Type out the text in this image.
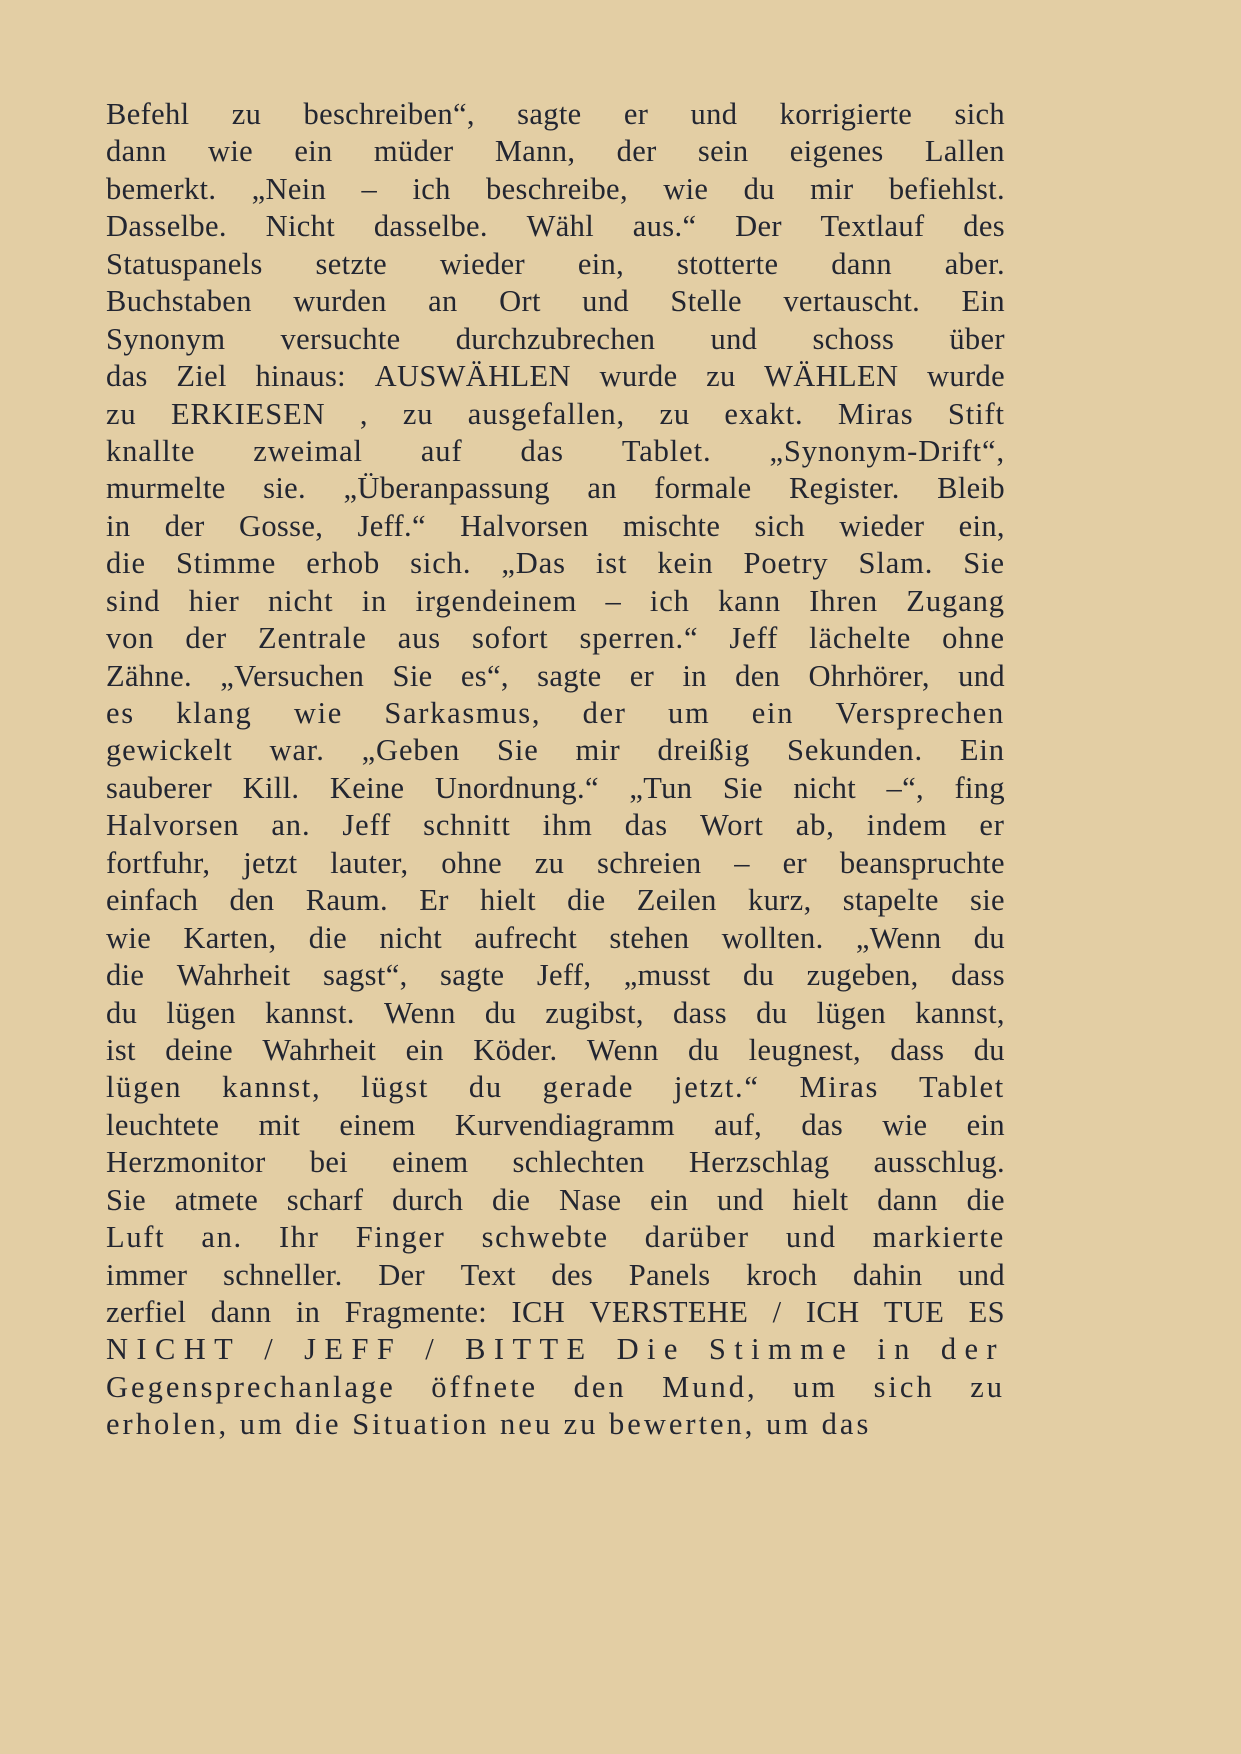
Befehl zu beschreiben“, sagte er und korrigierte sich
dann wie ein müder Mann, der sein eigenes Lallen
bemerkt. „Nein – ich beschreibe, wie du mir befiehlst.
Dasselbe. Nicht dasselbe. Wähl aus.“ Der Textlauf des
Statuspanels setzte wieder ein, stotterte dann aber.
Buchstaben wurden an Ort und Stelle vertauscht. Ein
Synonym versuchte durchzubrechen und schoss über
das Ziel hinaus: AUSWÄHLEN wurde zu WÄHLEN wurde
zu ERKIESEN , zu ausgefallen, zu exakt. Miras Stift
knallte zweimal auf das Tablet. „Synonym-Drift“,
murmelte sie. „Überanpassung an formale Register. Bleib
in der Gosse, Jeff.“ Halvorsen mischte sich wieder ein,
die Stimme erhob sich. „Das ist kein Poetry Slam. Sie
sind hier nicht in irgendeinem – ich kann Ihren Zugang
von der Zentrale aus sofort sperren.“ Jeff lächelte ohne
Zähne. „Versuchen Sie es“, sagte er in den Ohrhörer, und
es klang wie Sarkasmus, der um ein Versprechen
gewickelt war. „Geben Sie mir dreißig Sekunden. Ein
sauberer Kill. Keine Unordnung.“ „Tun Sie nicht –“, fing
Halvorsen an. Jeff schnitt ihm das Wort ab, indem er
fortfuhr, jetzt lauter, ohne zu schreien – er beanspruchte
einfach den Raum. Er hielt die Zeilen kurz, stapelte sie
wie Karten, die nicht aufrecht stehen wollten. „Wenn du
die Wahrheit sagst“, sagte Jeff, „musst du zugeben, dass
du lügen kannst. Wenn du zugibst, dass du lügen kannst,
ist deine Wahrheit ein Köder. Wenn du leugnest, dass du
lügen kannst, lügst du gerade jetzt.“ Miras Tablet
leuchtete mit einem Kurvendiagramm auf, das wie ein
Herzmonitor bei einem schlechten Herzschlag ausschlug.
Sie atmete scharf durch die Nase ein und hielt dann die
Luft an. Ihr Finger schwebte darüber und markierte
immer schneller. Der Text des Panels kroch dahin und
zerfiel dann in Fragmente: ICH VERSTEHE / ICH TUE ES
NICHT / JEFF / BITTE Die Stimme in der
Gegensprechanlage öffnete den Mund, um sich zu
erholen, um die Situation neu zu bewerten, um das
